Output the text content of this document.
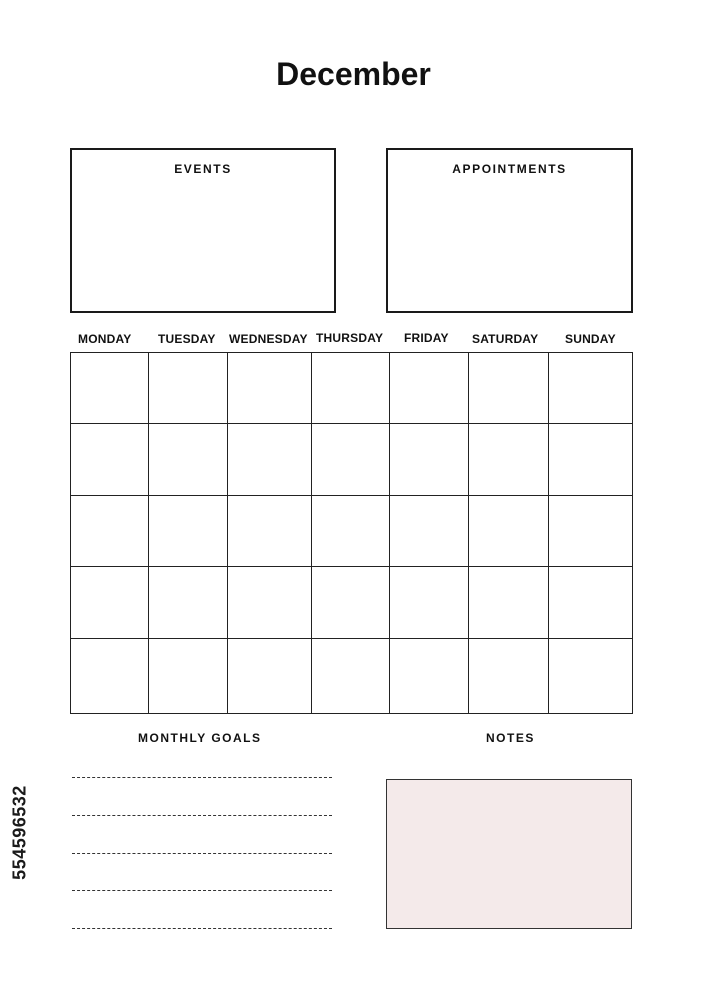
December
EVENTS	APPOINTMENTS
MONDAY TUESDAY WEDNESDAY THURSDAY FRIDAY SATURDAY SUNDAY
MONTHLY GOALS	NOTES
554596532
